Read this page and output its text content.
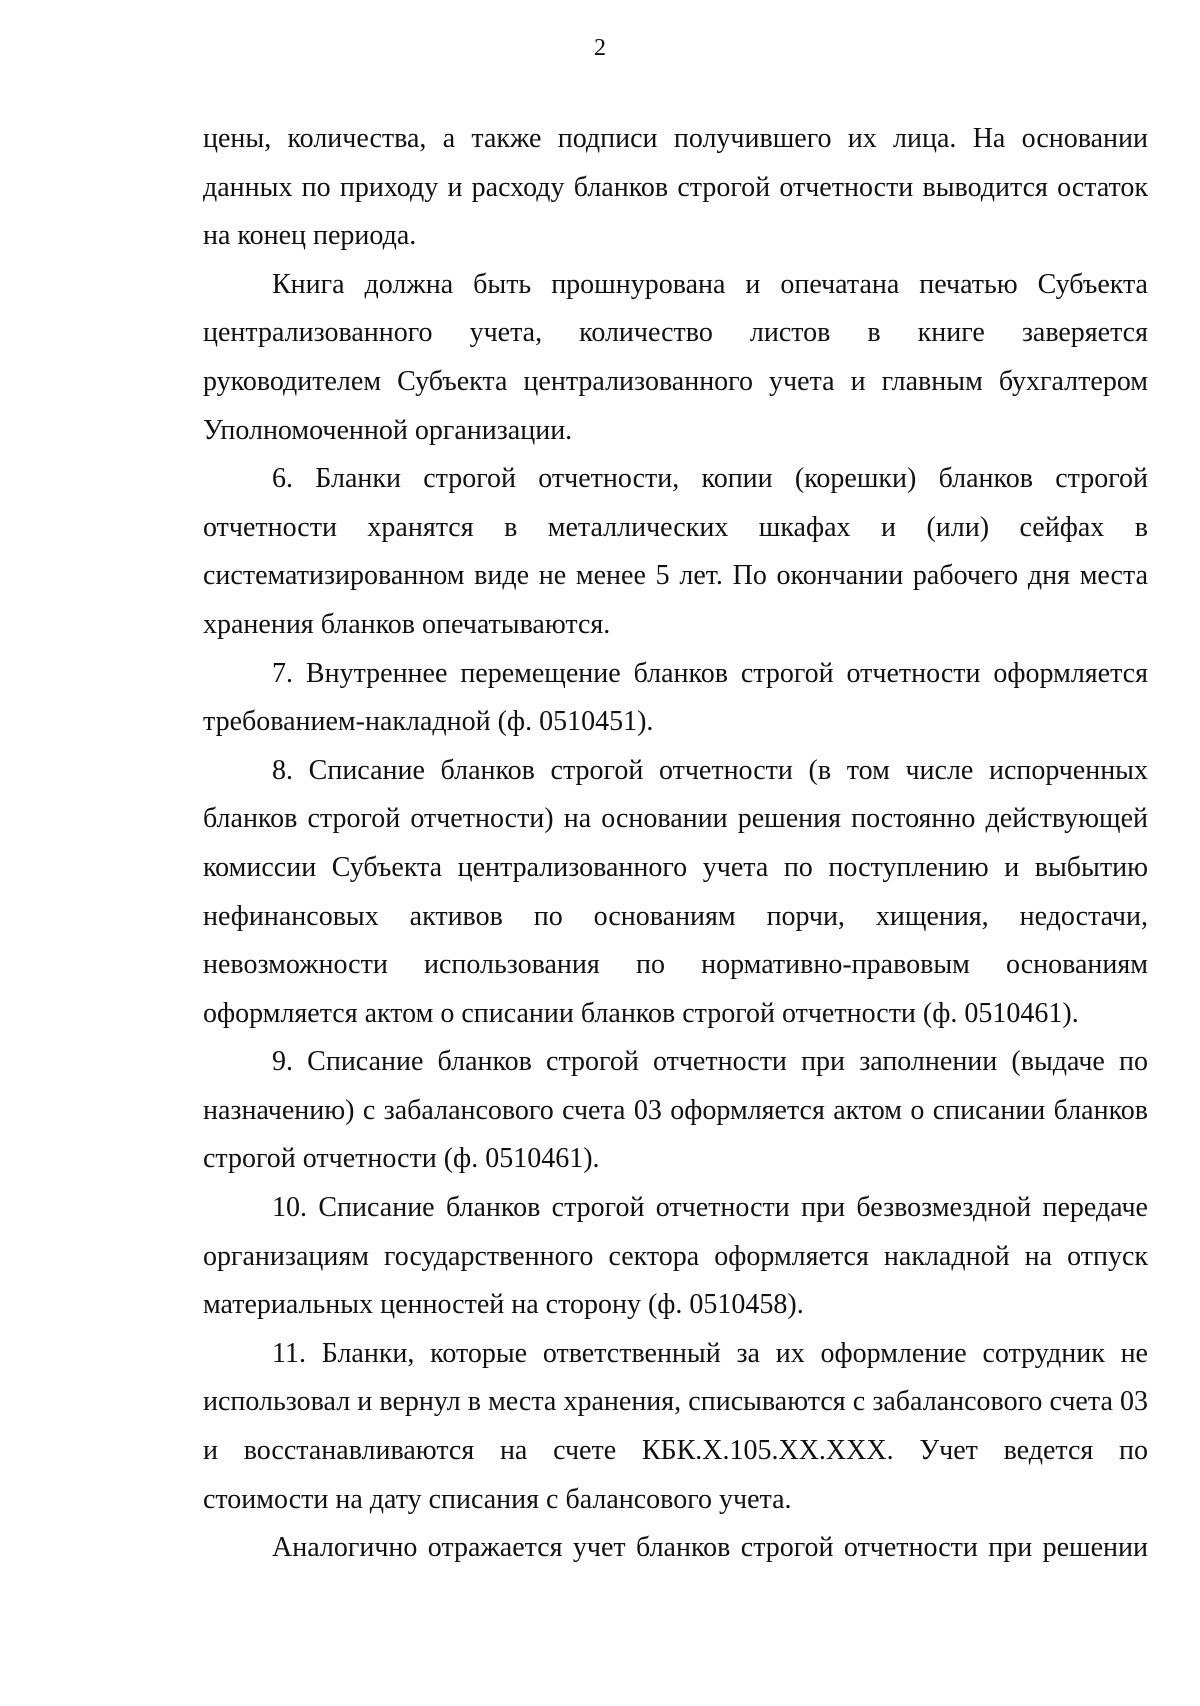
2

цены, количества, а также подписи получившего их лица. На основании данных по приходу и расходу бланков строгой отчетности выводится остаток на конец периода.

Книга должна быть прошнурована и опечатана печатью Субъекта централизованного учета, количество листов в книге заверяется руководителем Субъекта централизованного учета и главным бухгалтером Уполномоченной организации.

6. Бланки строгой отчетности, копии (корешки) бланков строгой отчетности хранятся в металлических шкафах и (или) сейфах в систематизированном виде не менее 5 лет. По окончании рабочего дня места хранения бланков опечатываются.

7. Внутреннее перемещение бланков строгой отчетности оформляется требованием-накладной (ф. 0510451).

8. Списание бланков строгой отчетности (в том числе испорченных бланков строгой отчетности) на основании решения постоянно действующей комиссии Субъекта централизованного учета по поступлению и выбытию нефинансовых активов по основаниям порчи, хищения, недостачи, невозможности использования по нормативно-правовым основаниям оформляется актом о списании бланков строгой отчетности (ф. 0510461).

9. Списание бланков строгой отчетности при заполнении (выдаче по назначению) с забалансового счета 03 оформляется актом о списании бланков строгой отчетности (ф. 0510461).

10. Списание бланков строгой отчетности при безвозмездной передаче организациям государственного сектора оформляется накладной на отпуск материальных ценностей на сторону (ф. 0510458).

11. Бланки, которые ответственный за их оформление сотрудник не использовал и вернул в места хранения, списываются с забалансового счета 03 и восстанавливаются на счете КБК.Х.105.ХХ.ХХХ. Учет ведется по стоимости на дату списания с балансового учета.

Аналогично отражается учет бланков строгой отчетности при решении
